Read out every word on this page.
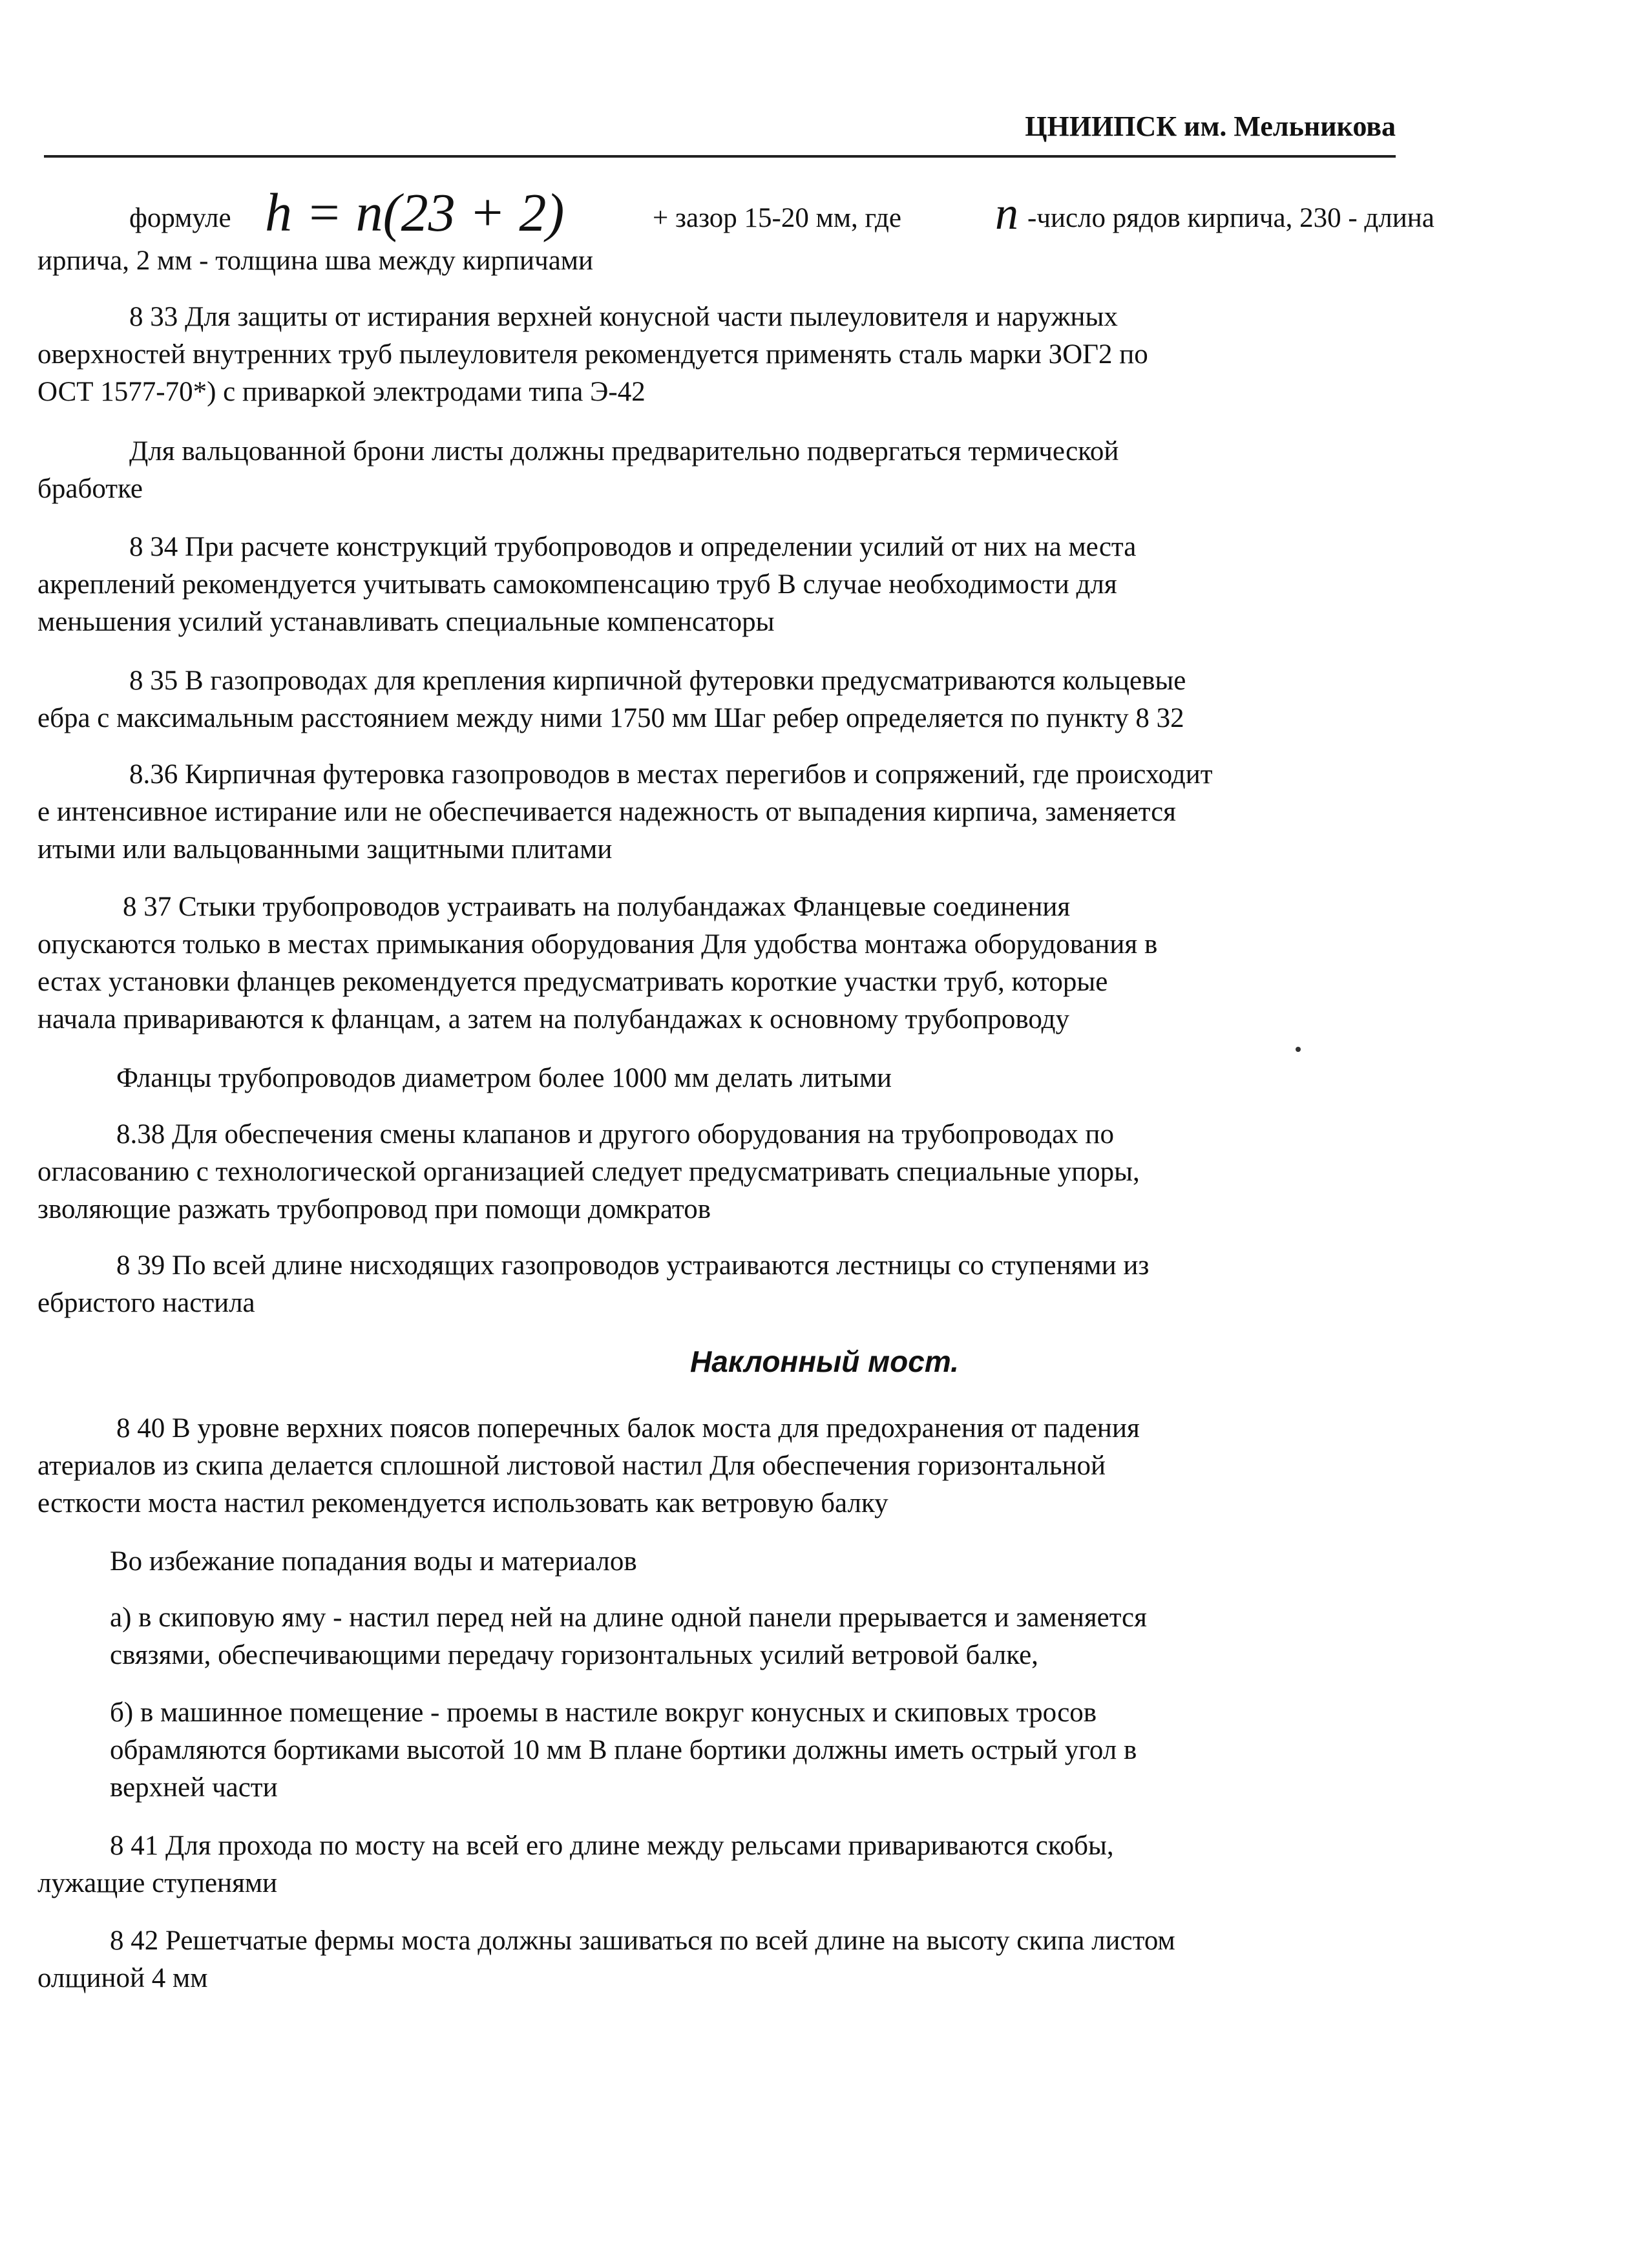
ЦНИИПСК им. Мельникова
формуле h = n(23 + 2)	+ зазор 15-20 мм, где n -число рядов кирпича, 230 - длина
ирпича, 2 мм - толщина шва между кирпичами
8 33 Для защиты от истирания верхней конусной части пылеуловителя и наружных
оверхностей внутренних труб пылеуловителя рекомендуется применять сталь марки ЗОГ2 по
ОСТ 1577-70*) с приваркой электродами типа Э-42
Для вальцованной брони листы должны предварительно подвергаться термической
бработке
8 34 При расчете конструкций трубопроводов и определении усилий от них на места
акреплений рекомендуется учитывать самокомпенсацию труб В случае необходимости для
меньшения усилий устанавливать специальные компенсаторы
8 35 В газопроводах для крепления кирпичной футеровки предусматриваются кольцевые
ебра с максимальным расстоянием между ними 1750 мм Шаг ребер определяется по пункту 8 32
8.36 Кирпичная футеровка газопроводов в местах перегибов и сопряжений, где происходит
е интенсивное истирание или не обеспечивается надежность от выпадения кирпича, заменяется
итыми или вальцованными защитными плитами
8 37 Стыки трубопроводов устраивать на полубандажах Фланцевые соединения
опускаются только в местах примыкания оборудования Для удобства монтажа оборудования в
естах установки фланцев рекомендуется предусматривать короткие участки труб, которые
начала привариваются к фланцам, а затем на полубандажах к основному трубопроводу
Фланцы трубопроводов диаметром более 1000 мм делать литыми
8.38 Для обеспечения смены клапанов и другого оборудования на трубопроводах по
огласованию с технологической организацией следует предусматривать специальные упоры,
зволяющие разжать трубопровод при помощи домкратов
8 39 По всей длине нисходящих газопроводов устраиваются лестницы со ступенями из
ебристого настила
Наклонный мост.
8 40 В уровне верхних поясов поперечных балок моста для предохранения от падения
атериалов из скипа делается сплошной листовой настил Для обеспечения горизонтальной
есткости моста настил рекомендуется использовать как ветровую балку
Во избежание попадания воды и материалов
а) в скиповую яму - настил перед ней на длине одной панели прерывается и заменяется
связями, обеспечивающими передачу горизонтальных усилий ветровой балке,
б) в машинное помещение - проемы в настиле вокруг конусных и скиповых тросов
обрамляются бортиками высотой 10 мм В плане бортики должны иметь острый угол в
верхней части
8 41 Для прохода по мосту на всей его длине между рельсами привариваются скобы,
лужащие ступенями
8 42 Решетчатые фермы моста должны зашиваться по всей длине на высоту скипа листом
олщиной 4 мм
